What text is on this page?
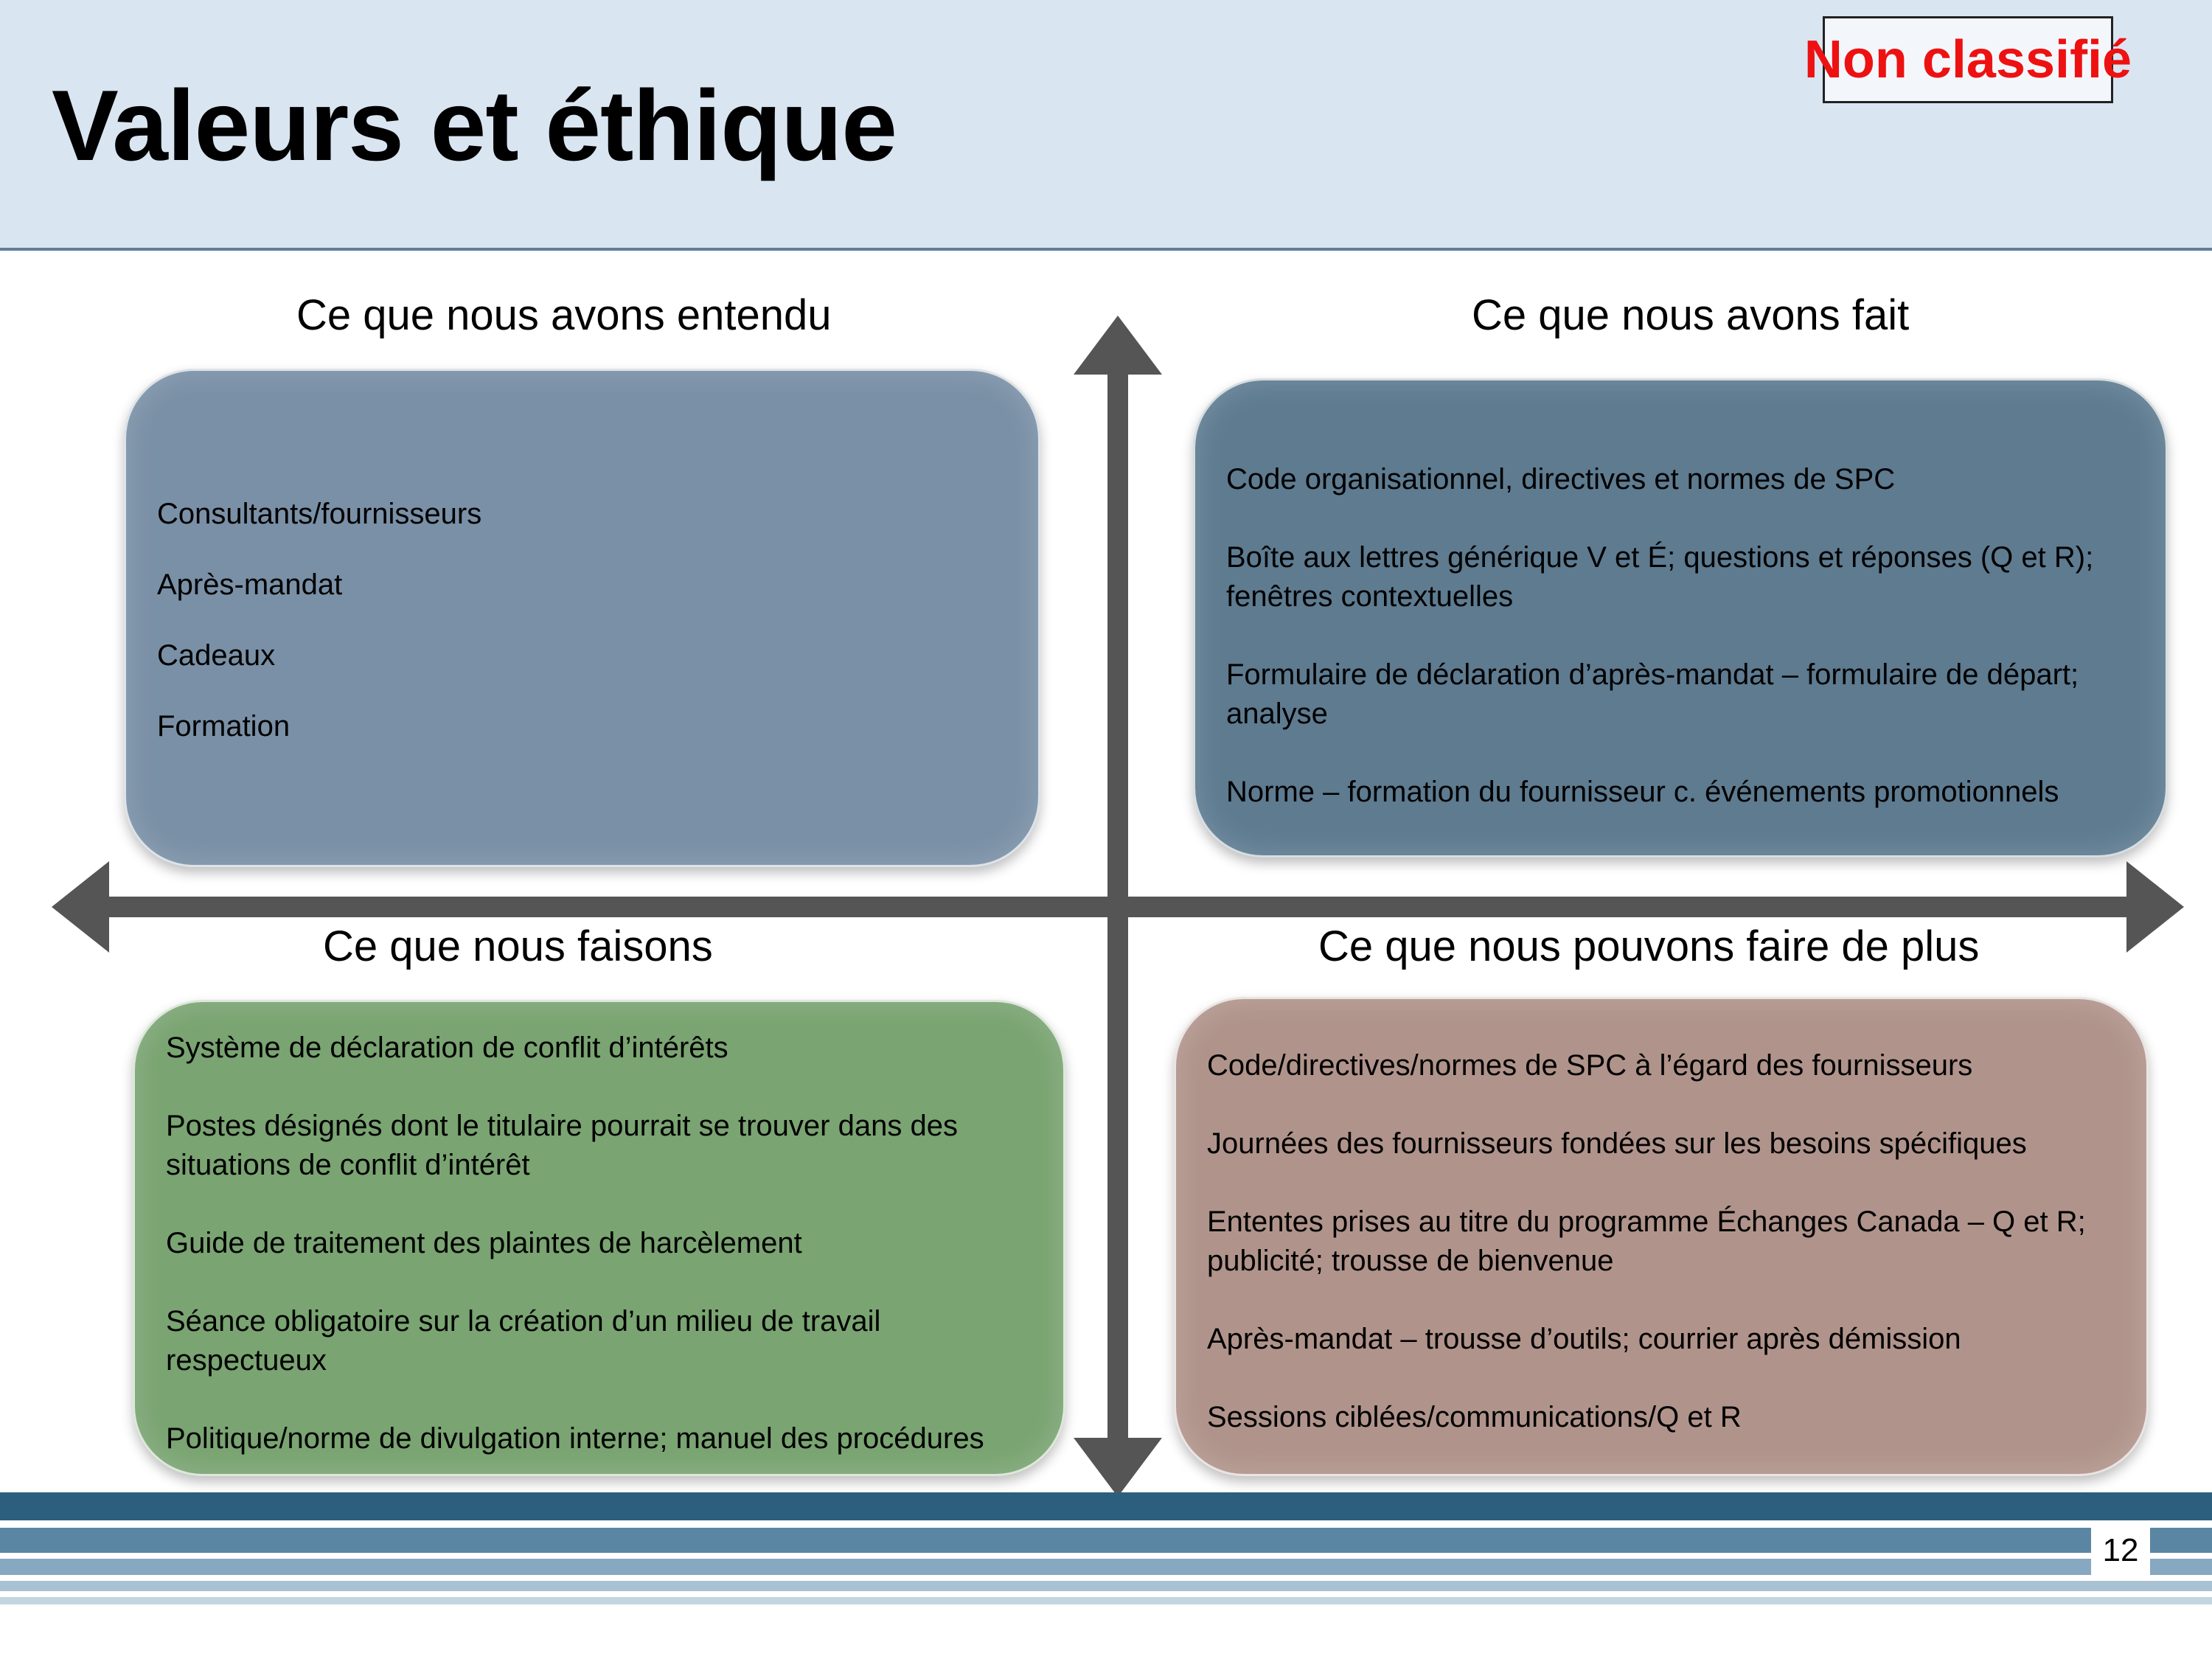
Valeurs et éthique
Non classifié
Ce que nous avons entendu	Ce que nous avons fait
Ce que nous faisons	Ce que nous pouvons faire de plus
Consultants/fournisseurs
Après-mandat
Cadeaux
Formation
Code organisationnel, directives et normes de SPC
Boîte aux lettres générique V et É; questions et réponses (Q et R); fenêtres contextuelles
Formulaire de déclaration d’après-mandat – formulaire de départ; analyse
Norme – formation du fournisseur c. événements promotionnels
Système de déclaration de conflit d’intérêts
Postes désignés dont le titulaire pourrait se trouver dans des situations de conflit d’intérêt
Guide de traitement des plaintes de harcèlement
Séance obligatoire sur la création d’un milieu de travail respectueux
Politique/norme de divulgation interne; manuel des procédures
Code/directives/normes de SPC à l’égard des fournisseurs
Journées des fournisseurs fondées sur les besoins spécifiques
Ententes prises au titre du programme Échanges Canada – Q et R; publicité; trousse de bienvenue
Après-mandat – trousse d’outils; courrier après démission
Sessions ciblées/communications/Q et R
12
